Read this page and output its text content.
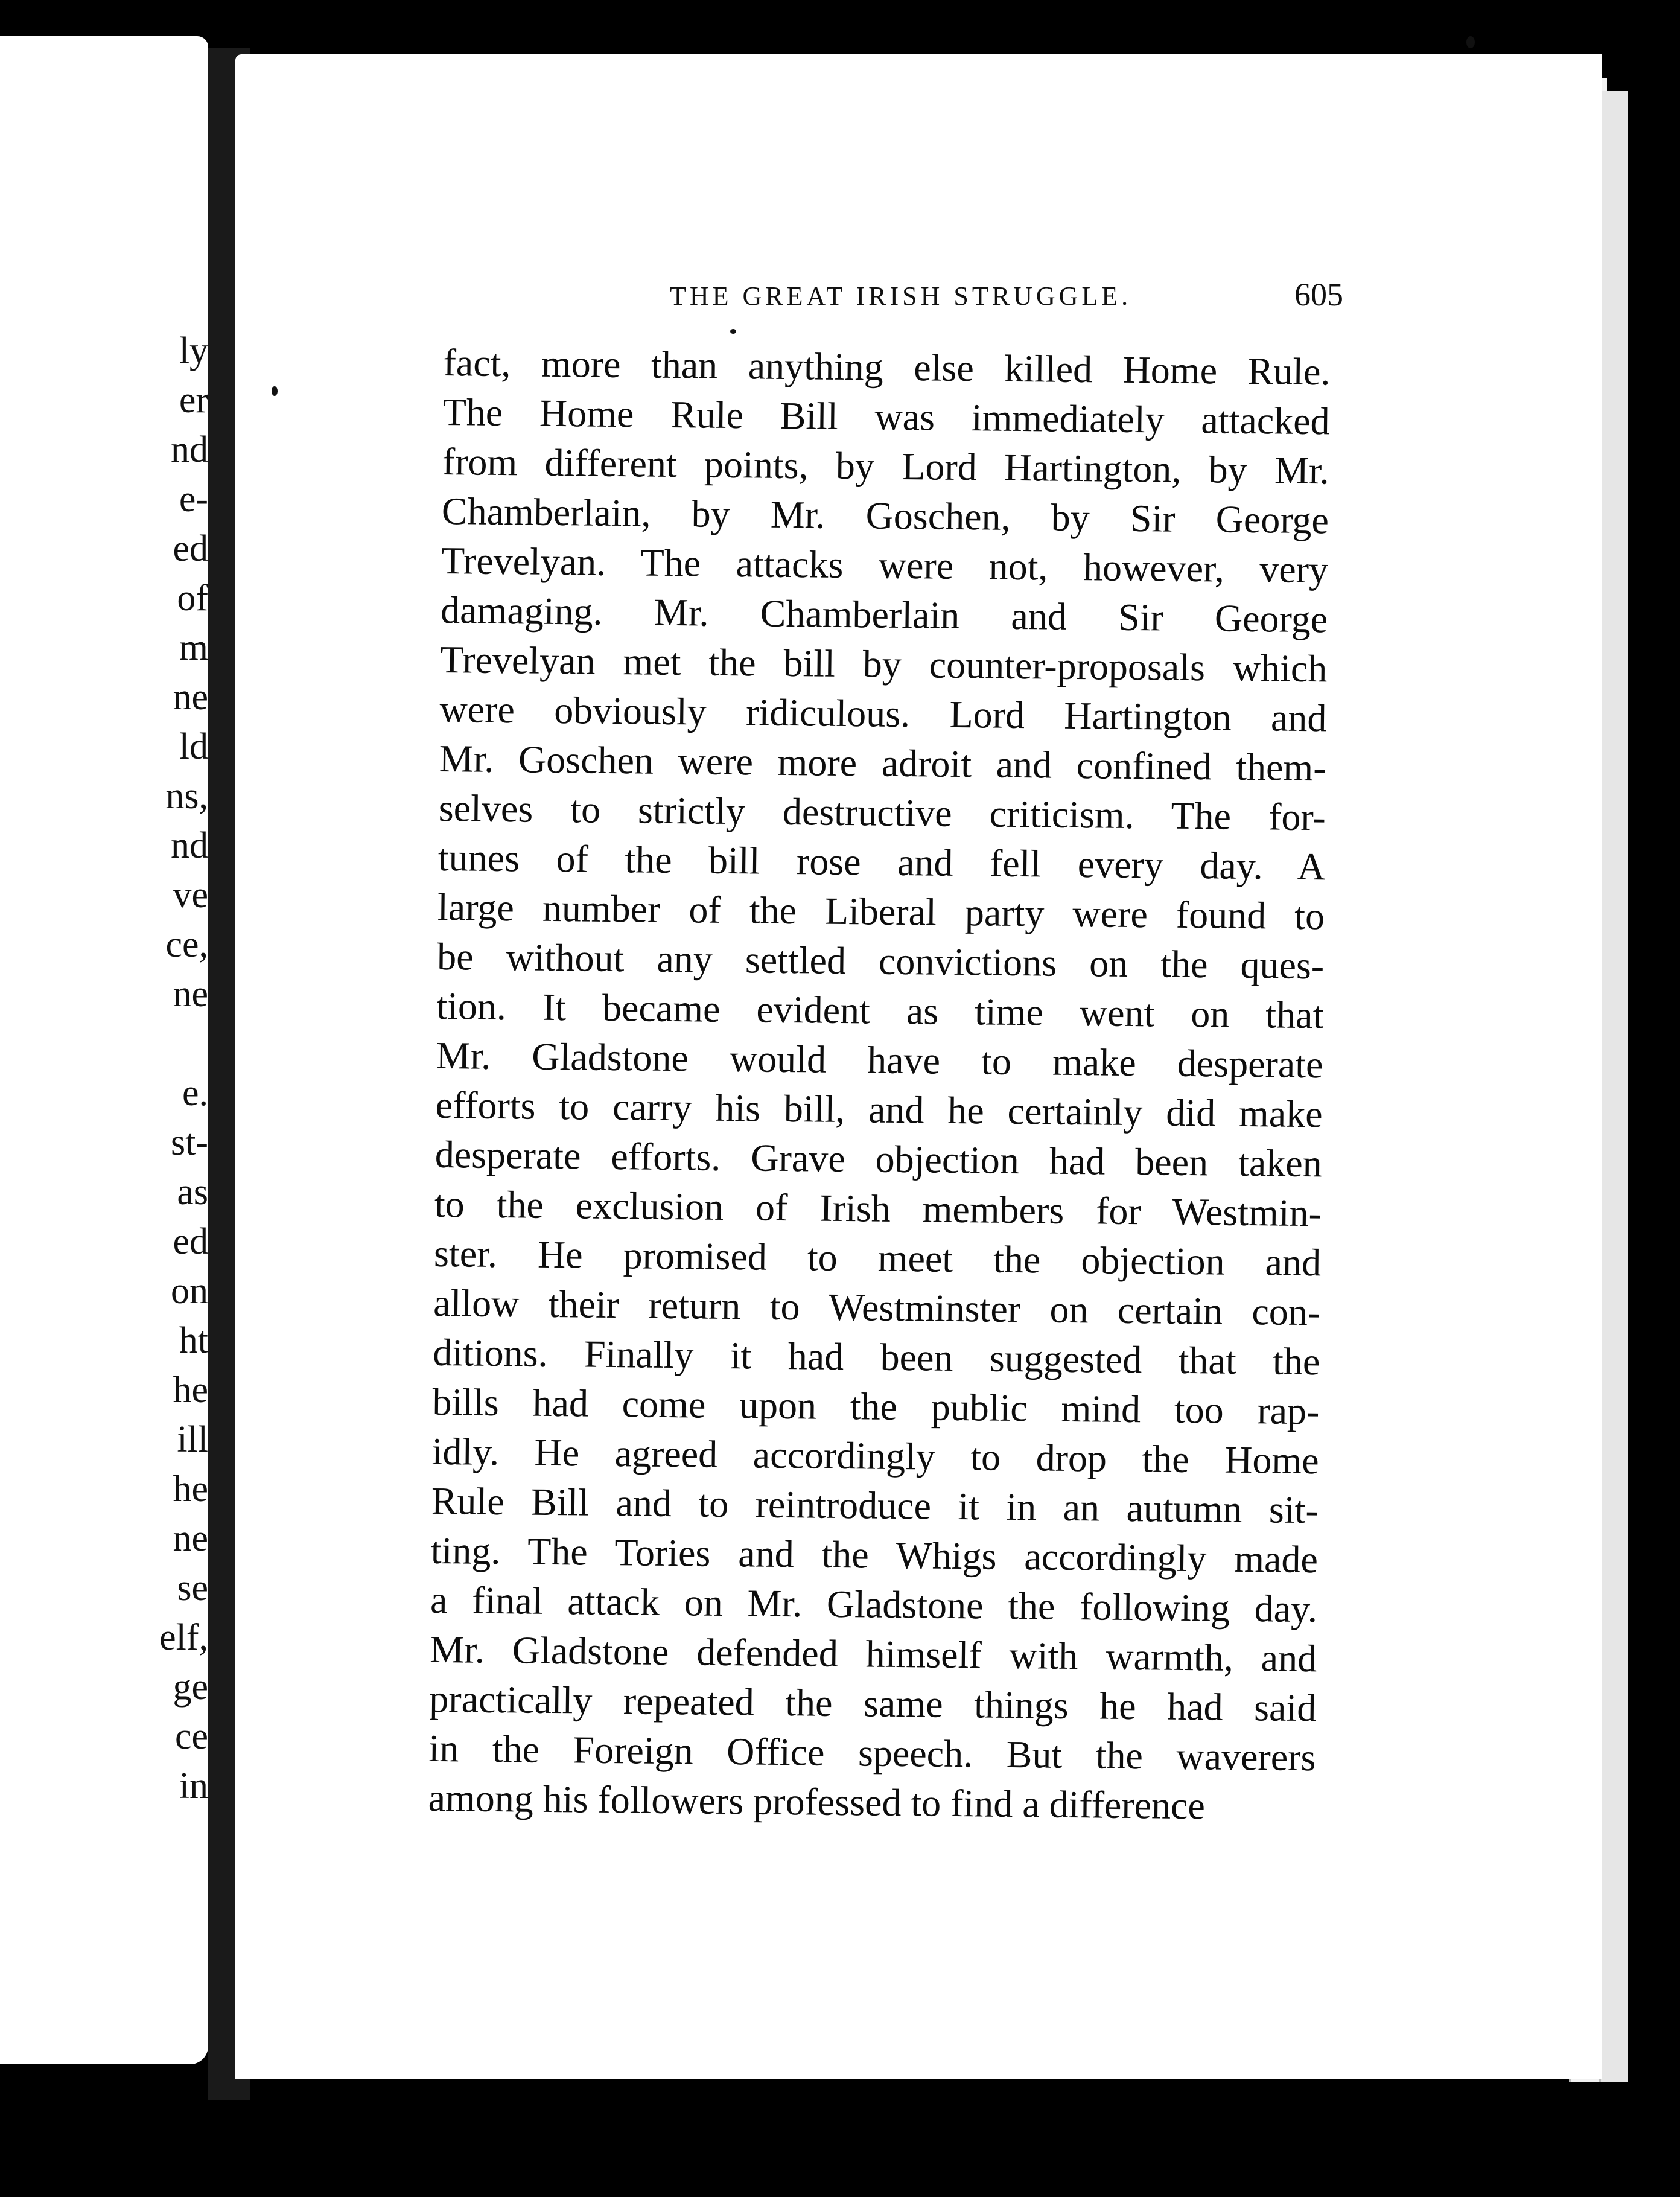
ly
er
nd
e-
ed
of
m
ne
ld
ns,
nd
ve
ce,
ne
e.
st-
as
ed
on
ht
he
ill
he
ne
se
elf,
ge
ce
in
THE GREAT IRISH STRUGGLE.	605
fact, more than anything else killed Home Rule.
The Home Rule Bill was immediately attacked
from different points, by Lord Hartington, by Mr.
Chamberlain, by Mr. Goschen, by Sir George
Trevelyan. The attacks were not, however, very
damaging. Mr. Chamberlain and Sir George
Trevelyan met the bill by counter-proposals which
were obviously ridiculous. Lord Hartington and
Mr. Goschen were more adroit and confined them-
selves to strictly destructive criticism. The for-
tunes of the bill rose and fell every day. A
large number of the Liberal party were found to
be without any settled convictions on the ques-
tion. It became evident as time went on that
Mr. Gladstone would have to make desperate
efforts to carry his bill, and he certainly did make
desperate efforts. Grave objection had been taken
to the exclusion of Irish members for Westmin-
ster. He promised to meet the objection and
allow their return to Westminster on certain con-
ditions. Finally it had been suggested that the
bills had come upon the public mind too rap-
idly. He agreed accordingly to drop the Home
Rule Bill and to reintroduce it in an autumn sit-
ting. The Tories and the Whigs accordingly made
a final attack on Mr. Gladstone the following day.
Mr. Gladstone defended himself with warmth, and
practically repeated the same things he had said
in the Foreign Office speech. But the waverers
among his followers professed to find a difference
